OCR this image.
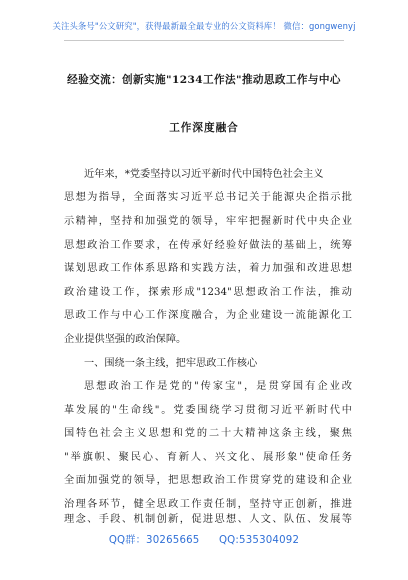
关注头条号"公文研究"，获得最新最全最专业的公文资料库！ 微信：gongwenyj
经验交流：创新实施"1234工作法"推动思政工作与中心
工作深度融合
近年来，*党委坚持以习近平新时代中国特色社会主义
思想为指导，全面落实习近平总书记关于能源央企指示批
示精神，坚持和加强党的领导，牢牢把握新时代中央企业
思想政治工作要求，在传承好经验好做法的基础上，统筹
谋划思政工作体系思路和实践方法，着力加强和改进思想
政治建设工作，探索形成"1234"思想政治工作法，推动
思政工作与中心工作深度融合，为企业建设一流能源化工
企业提供坚强的政治保障。
一、围绕一条主线，把牢思政工作核心
思想政治工作是党的"传家宝"，是贯穿国有企业改
革发展的"生命线"。党委围绕学习贯彻习近平新时代中
国特色社会主义思想和党的二十大精神这条主线，聚焦
"举旗帜、聚民心、育新人、兴文化、展形象"使命任务
全面加强党的领导，把思想政治工作贯穿党的建设和企业
治理各环节，健全思政工作责任制，坚持守正创新，推进
理念、手段、机制创新，促进思想、人文、队伍、发展等
QQ群：30265665 QQ:535304092
